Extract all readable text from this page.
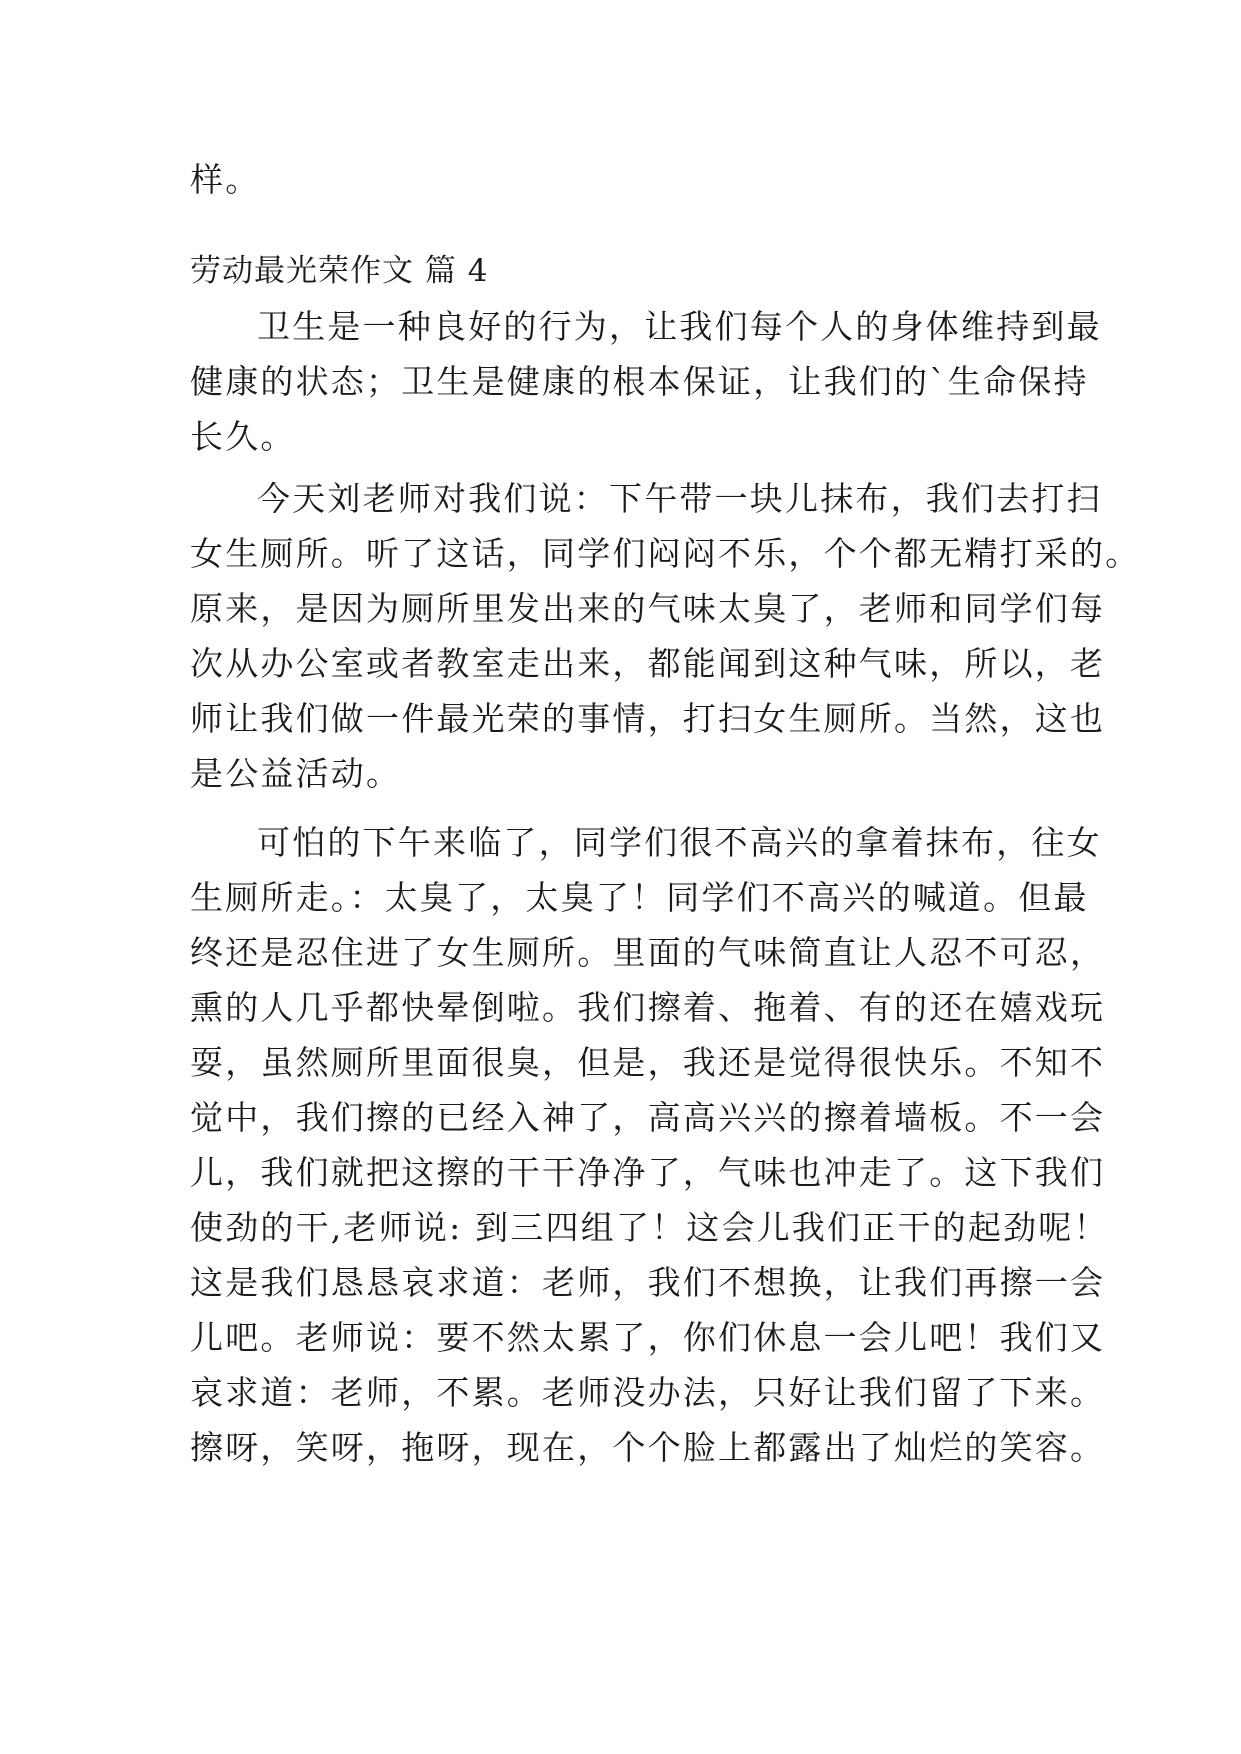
样。
劳动最光荣作文 篇 4
卫生是一种良好的行为，让我们每个人的身体维持到最
健康的状态；卫生是健康的根本保证，让我们的`生命保持
长久。
今天刘老师对我们说：下午带一块儿抹布，我们去打扫
女生厕所。听了这话，同学们闷闷不乐，个个都无精打采的。
原来，是因为厕所里发出来的气味太臭了，老师和同学们每
次从办公室或者教室走出来，都能闻到这种气味，所以，老
师让我们做一件最光荣的事情，打扫女生厕所。当然，这也
是公益活动。
可怕的下午来临了，同学们很不高兴的拿着抹布，往女
生厕所走。：太臭了，太臭了！同学们不高兴的喊道。但最
终还是忍住进了女生厕所。里面的气味简直让人忍不可忍，
熏的人几乎都快晕倒啦。我们擦着、拖着、有的还在嬉戏玩
耍，虽然厕所里面很臭，但是，我还是觉得很快乐。不知不
觉中，我们擦的已经入神了，高高兴兴的擦着墙板。不一会
儿，我们就把这擦的干干净净了，气味也冲走了。这下我们
使劲的干,老师说: 到三四组了！这会儿我们正干的起劲呢！
这是我们恳恳哀求道：老师，我们不想换，让我们再擦一会
儿吧。老师说：要不然太累了，你们休息一会儿吧！我们又
哀求道：老师，不累。老师没办法，只好让我们留了下来。
擦呀，笑呀，拖呀，现在，个个脸上都露出了灿烂的笑容。
